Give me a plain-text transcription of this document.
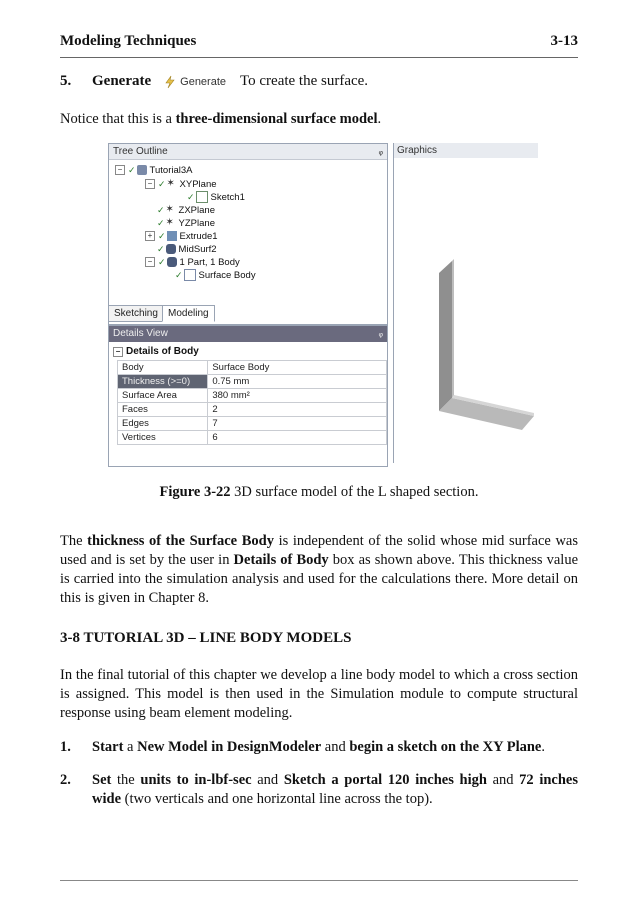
Modeling Techniques	3-13
5.	Generate	Generate To create the surface.
Notice that this is a three-dimensional surface model.
Tree Outline	ᵩ
− ✓ Tutorial3A
− ✓ ✶ XYPlane
✓ Sketch1
✓ ✶ ZXPlane
✓ ✶ YZPlane
+ ✓ Extrude1
✓ MidSurf2
− ✓ 1 Part, 1 Body
✓ Surface Body
Sketching	Modeling
Graphics
Details View	ᵩ
− Details of Body
Body	Surface Body
Thickness (>=0)	0.75 mm
Surface Area	380 mm²
Faces	2
Edges	7
Vertices	6
Figure 3-22 3D surface model of the L shaped section.
The thickness of the Surface Body is independent of the solid whose mid surface was used and is set by the user in Details of Body box as shown above. This thickness value is carried into the simulation analysis and used for the calculations there. More detail on this is given in Chapter 8.
3-8 TUTORIAL 3D – LINE BODY MODELS
In the final tutorial of this chapter we develop a line body model to which a cross section is assigned. This model is then used in the Simulation module to compute structural response using beam element modeling.
1.	Start a New Model in DesignModeler and begin a sketch on the XY Plane.
2.	Set the units to in-lbf-sec and Sketch a portal 120 inches high and 72 inches wide (two verticals and one horizontal line across the top).
